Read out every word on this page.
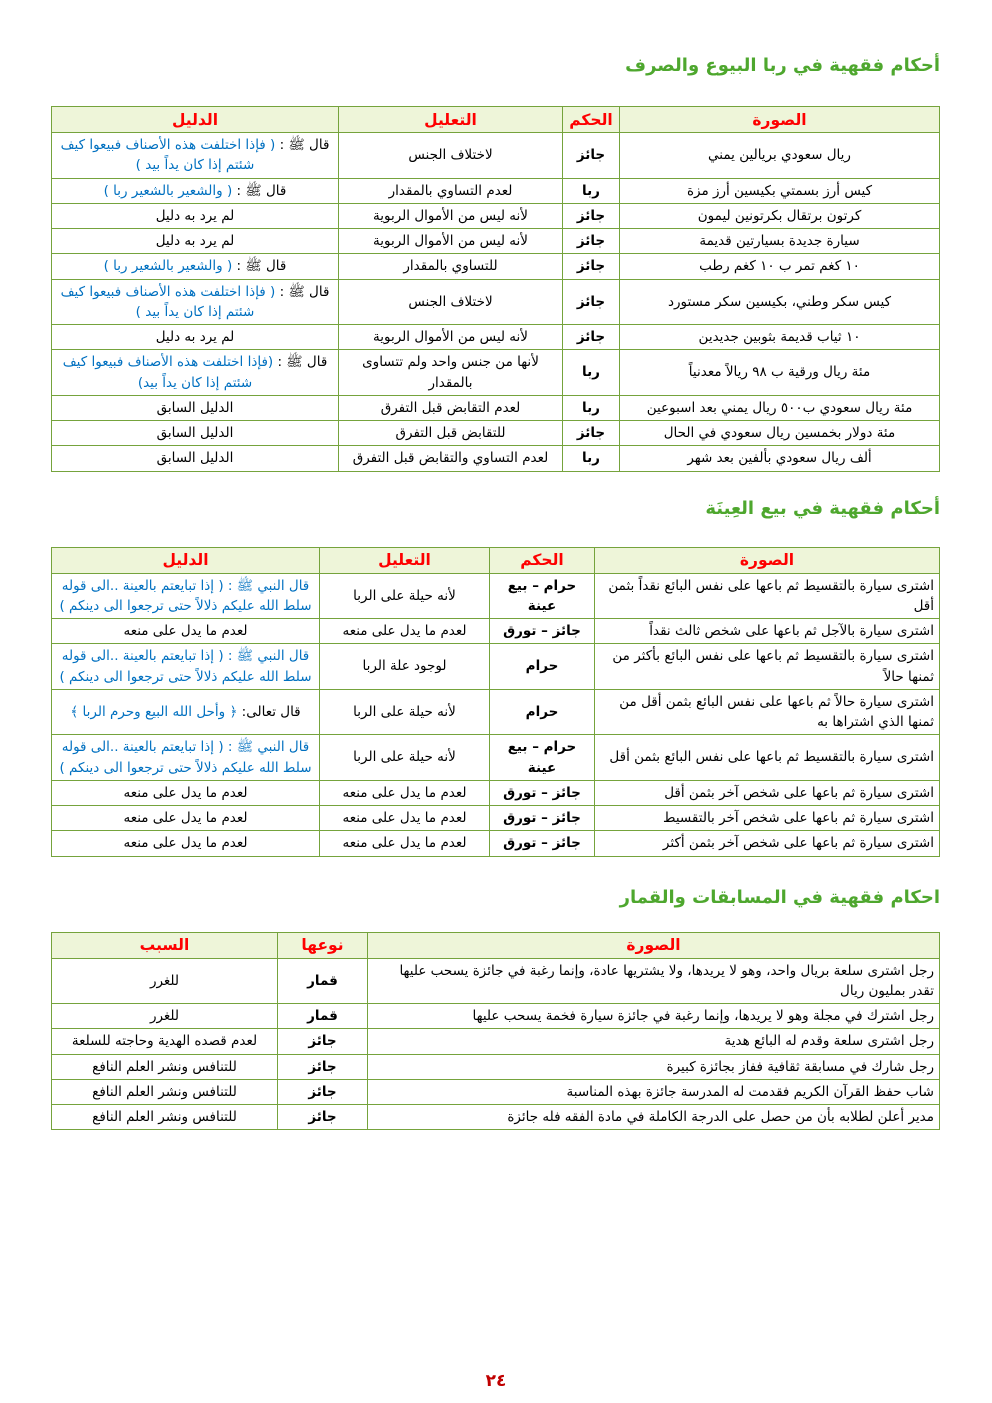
أحكام فقهية في ربا البيوع والصرف
الصورة	الحكم	التعليل	الدليل
ريال سعودي بريالين يمني	جائز	لاختلاف الجنس	قال ﷺ : ( فإذا اختلفت هذه الأصناف فبيعوا كيف شئتم إذا كان يداً بيد )
كيس أرز بسمتي بكيسين أرز مزة	ربا	لعدم التساوي بالمقدار	قال ﷺ : ( والشعير بالشعير ربا )
كرتون برتقال بكرتونين ليمون	جائز	لأنه ليس من الأموال الربوية	لم يرد به دليل
سيارة جديدة بسيارتين قديمة	جائز	لأنه ليس من الأموال الربوية	لم يرد به دليل
١٠ كغم تمر ب ١٠ كغم رطب	جائز	للتساوي بالمقدار	قال ﷺ : ( والشعير بالشعير ربا )
كيس سكر وطني، بكيسين سكر مستورد	جائز	لاختلاف الجنس	قال ﷺ : ( فإذا اختلفت هذه الأصناف فبيعوا كيف شئتم إذا كان يداً بيد )
١٠ ثياب قديمة بثوبين جديدين	جائز	لأنه ليس من الأموال الربوية	لم يرد به دليل
مئة ريال ورقية ب ٩٨ ريالاً معدنياً	ربا	لأنها من جنس واحد ولم تتساوى بالمقدار	قال ﷺ : (فإذا اختلفت هذه الأصناف فبيعوا كيف شئتم إذا كان يداً بيد)
مئة ريال سعودي ب٥٠٠ ريال يمني بعد اسبوعين	ربا	لعدم التقابض قبل التفرق	الدليل السابق
مئة دولار بخمسين ريال سعودي في الحال	جائز	للتقابض قبل التفرق	الدليل السابق
ألف ريال سعودي بألفين بعد شهر	ربا	لعدم التساوي والتقابض قبل التفرق	الدليل السابق
أحكام فقهية في بيع العِينَة
الصورة	الحكم	التعليل	الدليل
اشترى سيارة بالتقسيط ثم باعها على نفس البائع نقداً بثمن أقل	حرام – بيع عينة	لأنه حيلة على الربا	قال النبي ﷺ : ( إذا تبايعتم بالعينة ..الى قوله سلط الله عليكم ذلالاً حتى ترجعوا الى دينكم )
اشترى سيارة بالآجل ثم باعها على شخص ثالث نقداً	جائز – تورق	لعدم ما يدل على منعه	لعدم ما يدل على منعه
اشترى سيارة بالتقسيط ثم باعها على نفس البائع بأكثر من ثمنها حالاً	حرام	لوجود علة الربا	قال النبي ﷺ : ( إذا تبايعتم بالعينة ..الى قوله سلط الله عليكم ذلالاً حتى ترجعوا الى دينكم )
اشترى سيارة حالاً ثم باعها على نفس البائع بثمن أقل من ثمنها الذي اشتراها به	حرام	لأنه حيلة على الربا	قال تعالى: ﴿ وأحل الله البيع وحرم الربا ﴾
اشترى سيارة بالتقسيط ثم باعها على نفس البائع بثمن أقل	حرام – بيع عينة	لأنه حيلة على الربا	قال النبي ﷺ : ( إذا تبايعتم بالعينة ..الى قوله سلط الله عليكم ذلالاً حتى ترجعوا الى دينكم )
اشترى سيارة ثم باعها على شخص آخر بثمن أقل	جائز – تورق	لعدم ما يدل على منعه	لعدم ما يدل على منعه
اشترى سيارة ثم باعها على شخص آخر بالتقسيط	جائز – تورق	لعدم ما يدل على منعه	لعدم ما يدل على منعه
اشترى سيارة ثم باعها على شخص آخر بثمن أكثر	جائز – تورق	لعدم ما يدل على منعه	لعدم ما يدل على منعه
احكام فقهية في المسابقات والقمار
الصورة	نوعها	السبب
رجل اشترى سلعة بريال واحد، وهو لا يريدها، ولا يشتريها عادة، وإنما رغبة في جائزة يسحب عليها تقدر بمليون ريال	قمار	للغرر
رجل اشترك في مجلة وهو لا يريدها، وإنما رغبة في جائزة سيارة فخمة يسحب عليها	قمار	للغرر
رجل اشترى سلعة وقدم له البائع هدية	جائز	لعدم قصده الهدية وحاجته للسلعة
رجل شارك في مسابقة ثقافية ففاز بجائزة كبيرة	جائز	للتنافس ونشر العلم النافع
شاب حفظ القرآن الكريم فقدمت له المدرسة جائزة بهذه المناسبة	جائز	للتنافس ونشر العلم النافع
مدير أعلن لطلابه بأن من حصل على الدرجة الكاملة في مادة الفقه فله جائزة	جائز	للتنافس ونشر العلم النافع
٢٤
